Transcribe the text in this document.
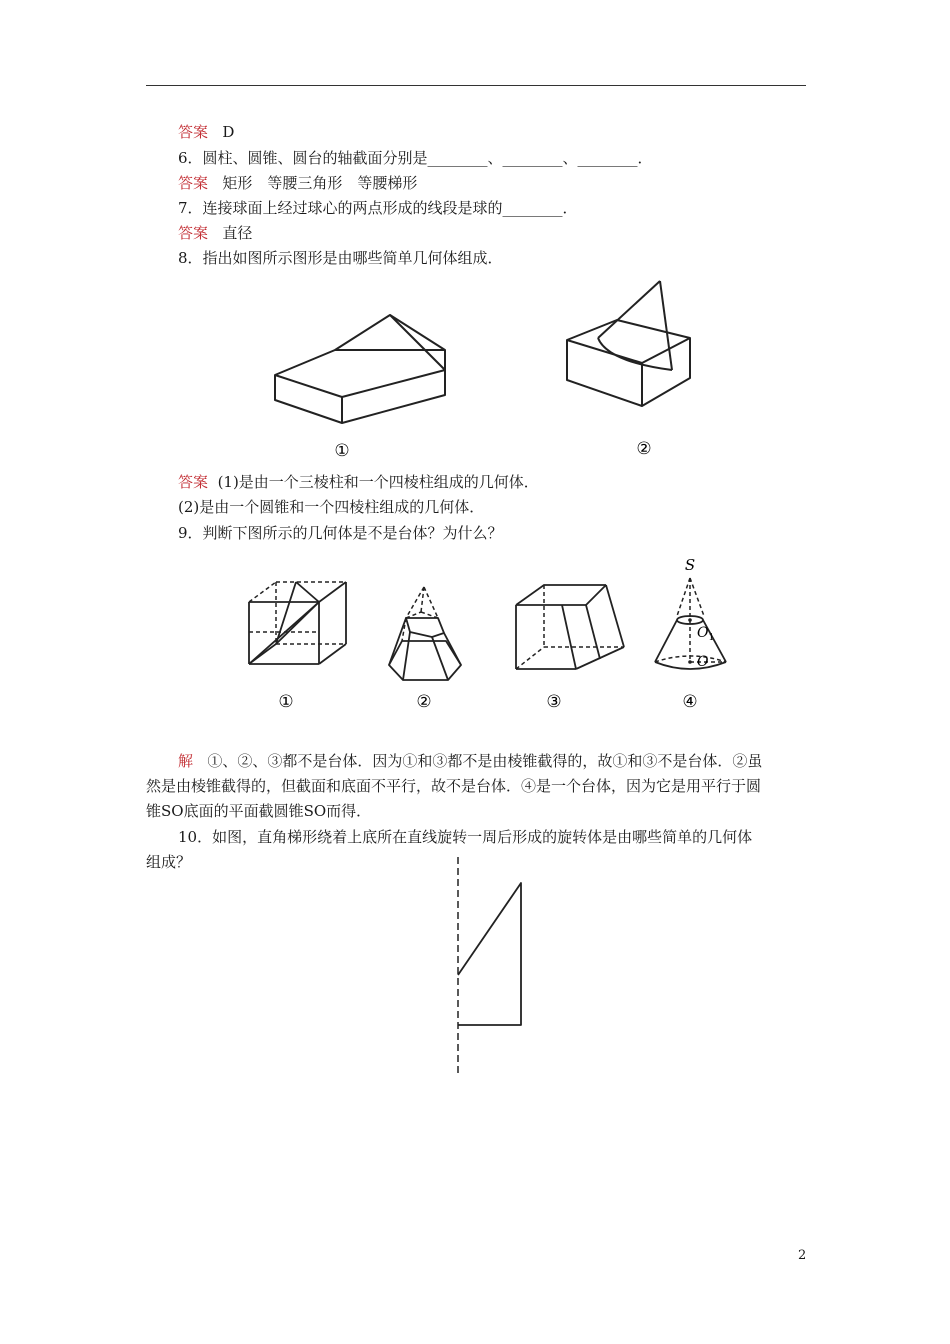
答案 D
6．圆柱、圆锥、圆台的轴截面分别是________、________、________．
答案 矩形　等腰三角形　等腰梯形
7．连接球面上经过球心的两点形成的线段是球的________．
答案 直径
8．指出如图所示图形是由哪些简单几何体组成．
①	②
答案 (1)是由一个三棱柱和一个四棱柱组成的几何体．
(2)是由一个圆锥和一个四棱柱组成的几何体．
9．判断下图所示的几何体是不是台体？为什么？
①	②	③
S
$O_1$
O
④
解 ①、②、③都不是台体．因为①和③都不是由棱锥截得的，故①和③不是台体．②虽
然是由棱锥截得的，但截面和底面不平行，故不是台体．④是一个台体，因为它是用平行于圆
锥SO底面的平面截圆锥SO而得．
10．如图，直角梯形绕着上底所在直线旋转一周后形成的旋转体是由哪些简单的几何体
组成？
2
